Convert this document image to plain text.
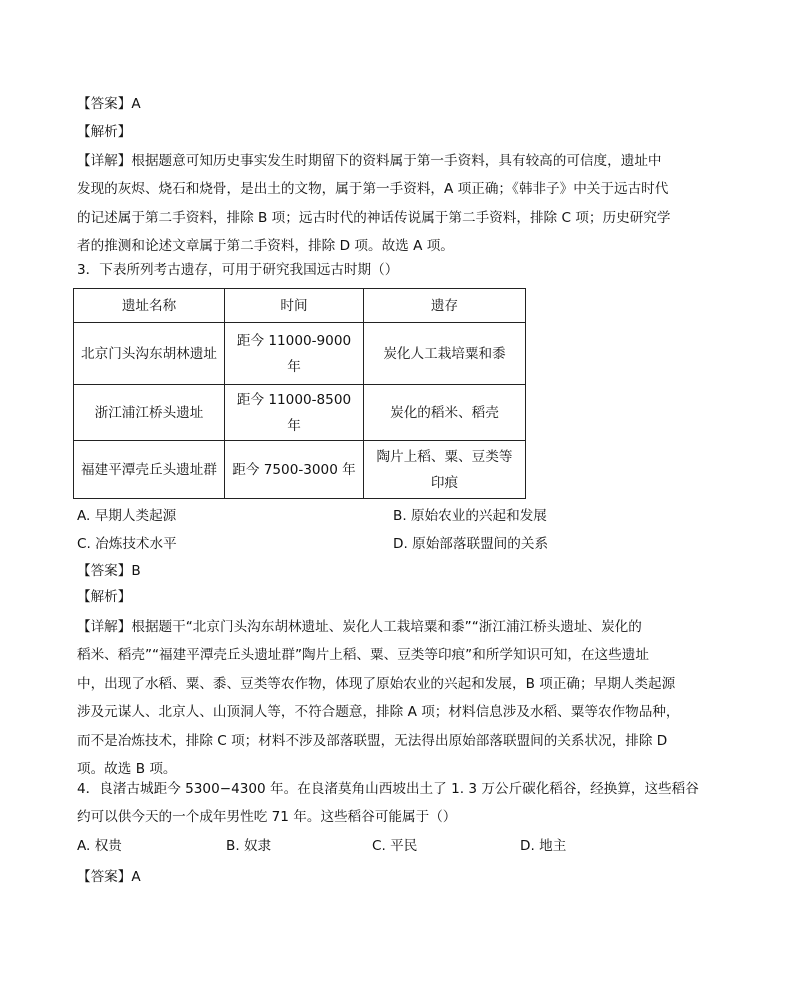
【答案】A
【解析】

【详解】根据题意可知历史事实发生时期留下的资料属于第一手资料，具有较高的可信度，遗址中

发现的灰烬、烧石和烧骨，是出土的文物，属于第一手资料，A 项正确；《韩非子》中关于远古时代

的记述属于第二手资料，排除 B 项；远古时代的神话传说属于第二手资料，排除 C 项；历史研究学

者的推测和论述文章属于第二手资料，排除 D 项。故选 A 项。

3．下表所列考古遗存，可用于研究我国远古时期（）
遗址名称	时间	遗存
北京门头沟东胡林遗址	距今 11000-9000 年	炭化人工栽培粟和黍
浙江浦江桥头遗址	距今 11000-8500 年	炭化的稻米、稻壳
福建平潭壳丘头遗址群	距今 7500-3000 年	陶片上稻、粟、豆类等印痕
A. 早期人类起源	B. 原始农业的兴起和发展
C. 冶炼技术水平	D. 原始部落联盟间的关系
【答案】B
【解析】

【详解】根据题干“北京门头沟东胡林遗址、炭化人工栽培粟和黍”“浙江浦江桥头遗址、炭化的

稻米、稻壳”“福建平潭壳丘头遗址群”陶片上稻、粟、豆类等印痕”和所学知识可知，在这些遗址

中，出现了水稻、粟、黍、豆类等农作物，体现了原始农业的兴起和发展，B 项正确；早期人类起源

涉及元谋人、北京人、山顶洞人等，不符合题意，排除 A 项；材料信息涉及水稻、粟等农作物品种，

而不是冶炼技术，排除 C 项；材料不涉及部落联盟，无法得出原始部落联盟间的关系状况，排除 D

项。故选 B 项。

4．良渚古城距今 5300−4300 年。在良渚莫角山西坡出土了 1. 3 万公斤碳化稻谷，经换算，这些稻谷

约可以供今天的一个成年男性吃 71 年。这些稻谷可能属于（）

A. 权贵	B. 奴隶	C. 平民	D. 地主
【答案】A
